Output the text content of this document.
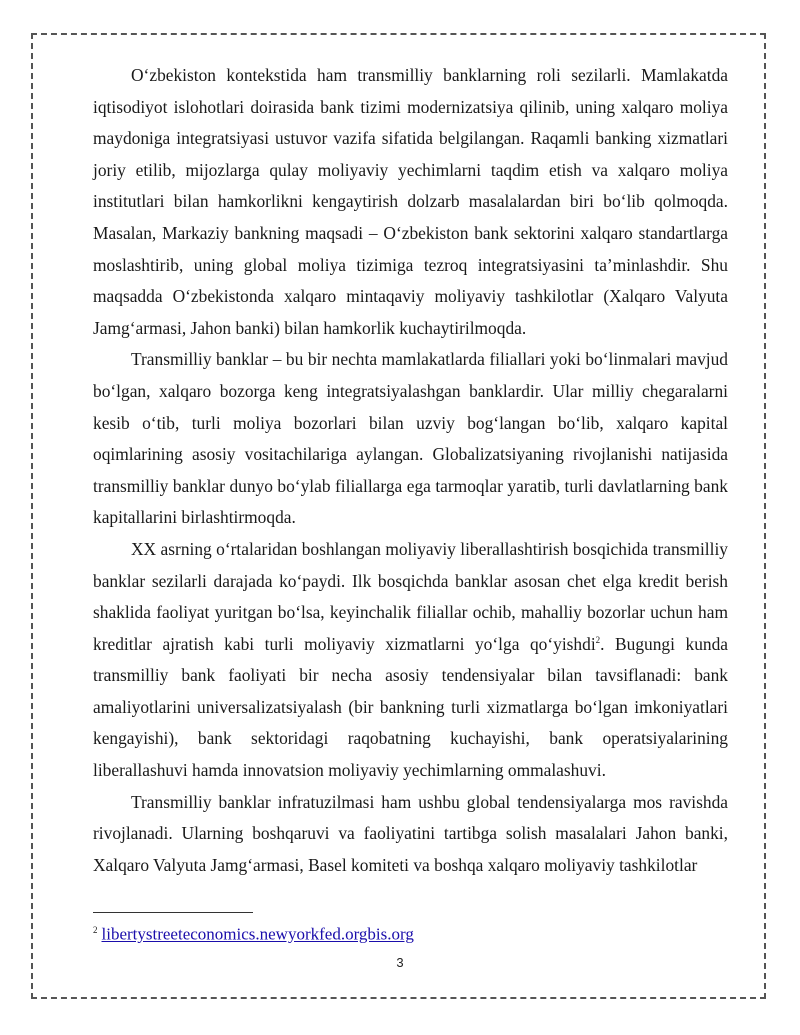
O‘zbekiston kontekstida ham transmilliy banklarning roli sezilarli. Mamlakatda iqtisodiyot islohotlari doirasida bank tizimi modernizatsiya qilinib, uning xalqaro moliya maydoniga integratsiyasi ustuvor vazifa sifatida belgilangan. Raqamli banking xizmatlari joriy etilib, mijozlarga qulay moliyaviy yechimlarni taqdim etish va xalqaro moliya institutlari bilan hamkorlikni kengaytirish dolzarb masalalardan biri bo‘lib qolmoqda. Masalan, Markaziy bankning maqsadi – O‘zbekiston bank sektorini xalqaro standartlarga moslashtirib, uning global moliya tizimiga tezroq integratsiyasini ta’minlashdir. Shu maqsadda O‘zbekistonda xalqaro mintaqaviy moliyaviy tashkilotlar (Xalqaro Valyuta Jamgʻarmasi, Jahon banki) bilan hamkorlik kuchaytirilmoqda.

Transmilliy banklar – bu bir nechta mamlakatlarda filiallari yoki bo‘linmalari mavjud bo‘lgan, xalqaro bozorga keng integratsiyalashgan banklardir. Ular milliy chegaralarni kesib o‘tib, turli moliya bozorlari bilan uzviy bog‘langan bo‘lib, xalqaro kapital oqimlarining asosiy vositachilariga aylangan. Globalizatsiyaning rivojlanishi natijasida transmilliy banklar dunyo bo‘ylab filiallarga ega tarmoqlar yaratib, turli davlatlarning bank kapitallarini birlashtirmoqda.

XX asrning o‘rtalaridan boshlangan moliyaviy liberallashtirish bosqichida transmilliy banklar sezilarli darajada ko‘paydi. Ilk bosqichda banklar asosan chet elga kredit berish shaklida faoliyat yuritgan bo‘lsa, keyinchalik filiallar ochib, mahalliy bozorlar uchun ham kreditlar ajratish kabi turli moliyaviy xizmatlarni yo‘lga qo‘yishdi$^2$. Bugungi kunda transmilliy bank faoliyati bir necha asosiy tendensiyalar bilan tavsiflanadi: bank amaliyotlarini universalizatsiyalash (bir bankning turli xizmatlarga bo‘lgan imkoniyatlari kengayishi), bank sektoridagi raqobatning kuchayishi, bank operatsiyalarining liberallashuvi hamda innovatsion moliyaviy yechimlarning ommalashuvi.

Transmilliy banklar infratuzilmasi ham ushbu global tendensiyalarga mos ravishda rivojlanadi. Ularning boshqaruvi va faoliyatini tartibga solish masalalari Jahon banki, Xalqaro Valyuta Jamg‘armasi, Basel komiteti va boshqa xalqaro moliyaviy tashkilotlar

$^2$ libertystreeteconomics.newyorkfed.orgbis.org
3
